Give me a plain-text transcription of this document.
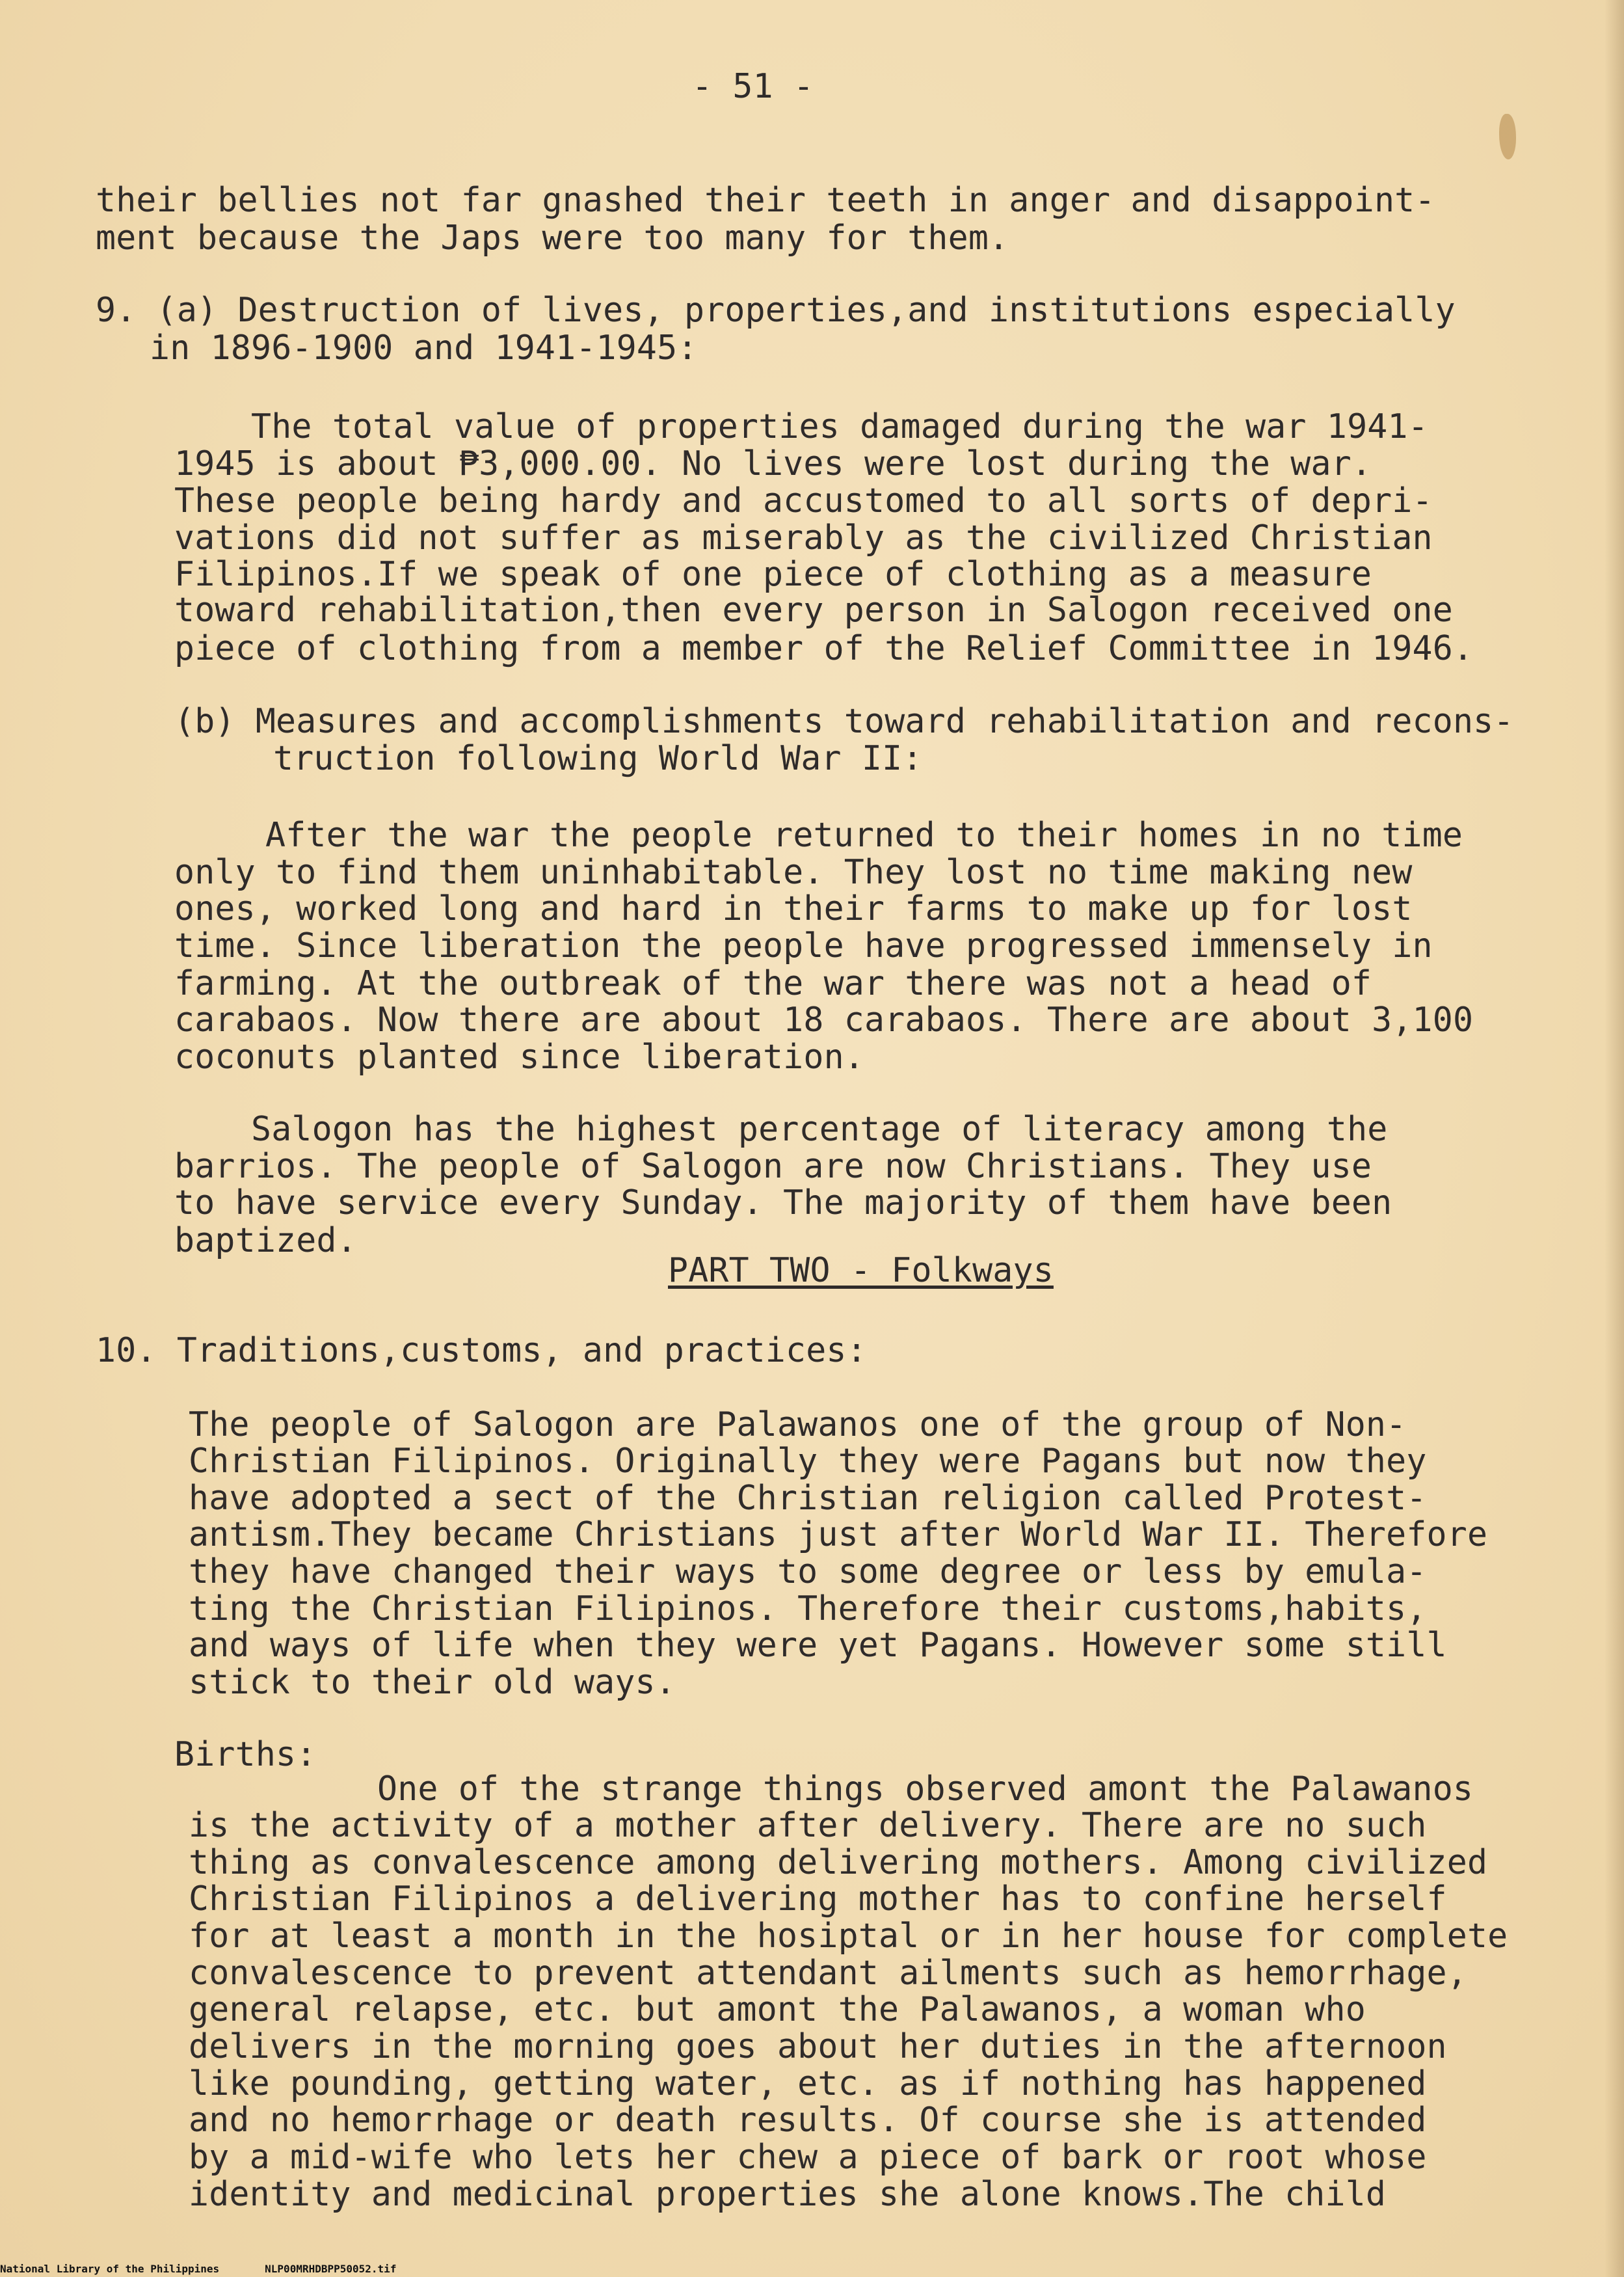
- 51 -
their bellies not far gnashed their teeth in anger and disappoint-
ment because the Japs were too many for them.
9. (a) Destruction of lives, properties,and institutions especially
in 1896-1900 and 1941-1945:
The total value of properties damaged during the war 1941-
1945 is about ₱3,000.00. No lives were lost during the war.
These people being hardy and accustomed to all sorts of depri-
vations did not suffer as miserably as the civilized Christian
Filipinos.If we speak of one piece of clothing as a measure
toward rehabilitation,then every person in Salogon received one
piece of clothing from a member of the Relief Committee in 1946.
(b) Measures and accomplishments toward rehabilitation and recons-
truction following World War II:
After the war the people returned to their homes in no time
only to find them uninhabitable. They lost no time making new
ones, worked long and hard in their farms to make up for lost
time. Since liberation the people have progressed immensely in
farming. At the outbreak of the war there was not a head of
carabaos. Now there are about 18 carabaos. There are about 3,100
coconuts planted since liberation.
Salogon has the highest percentage of literacy among the
barrios. The people of Salogon are now Christians. They use
to have service every Sunday. The majority of them have been
baptized.
PART TWO - Folkways
10. Traditions,customs, and practices:
The people of Salogon are Palawanos one of the group of Non-
Christian Filipinos. Originally they were Pagans but now they
have adopted a sect of the Christian religion called Protest-
antism.They became Christians just after World War II. Therefore
they have changed their ways to some degree or less by emula-
ting the Christian Filipinos. Therefore their customs,habits,
and ways of life when they were yet Pagans. However some still
stick to their old ways.
Births:
One of the strange things observed amont the Palawanos
is the activity of a mother after delivery. There are no such
thing as convalescence among delivering mothers. Among civilized
Christian Filipinos a delivering mother has to confine herself
for at least a month in the hosiptal or in her house for complete
convalescence to prevent attendant ailments such as hemorrhage,
general relapse, etc. but amont the Palawanos, a woman who
delivers in the morning goes about her duties in the afternoon
like pounding, getting water, etc. as if nothing has happened
and no hemorrhage or death results. Of course she is attended
by a mid-wife who lets her chew a piece of bark or root whose
identity and medicinal properties she alone knows.The child
National Library of the Philippines	NLP00MRHDBPP50052.tif
